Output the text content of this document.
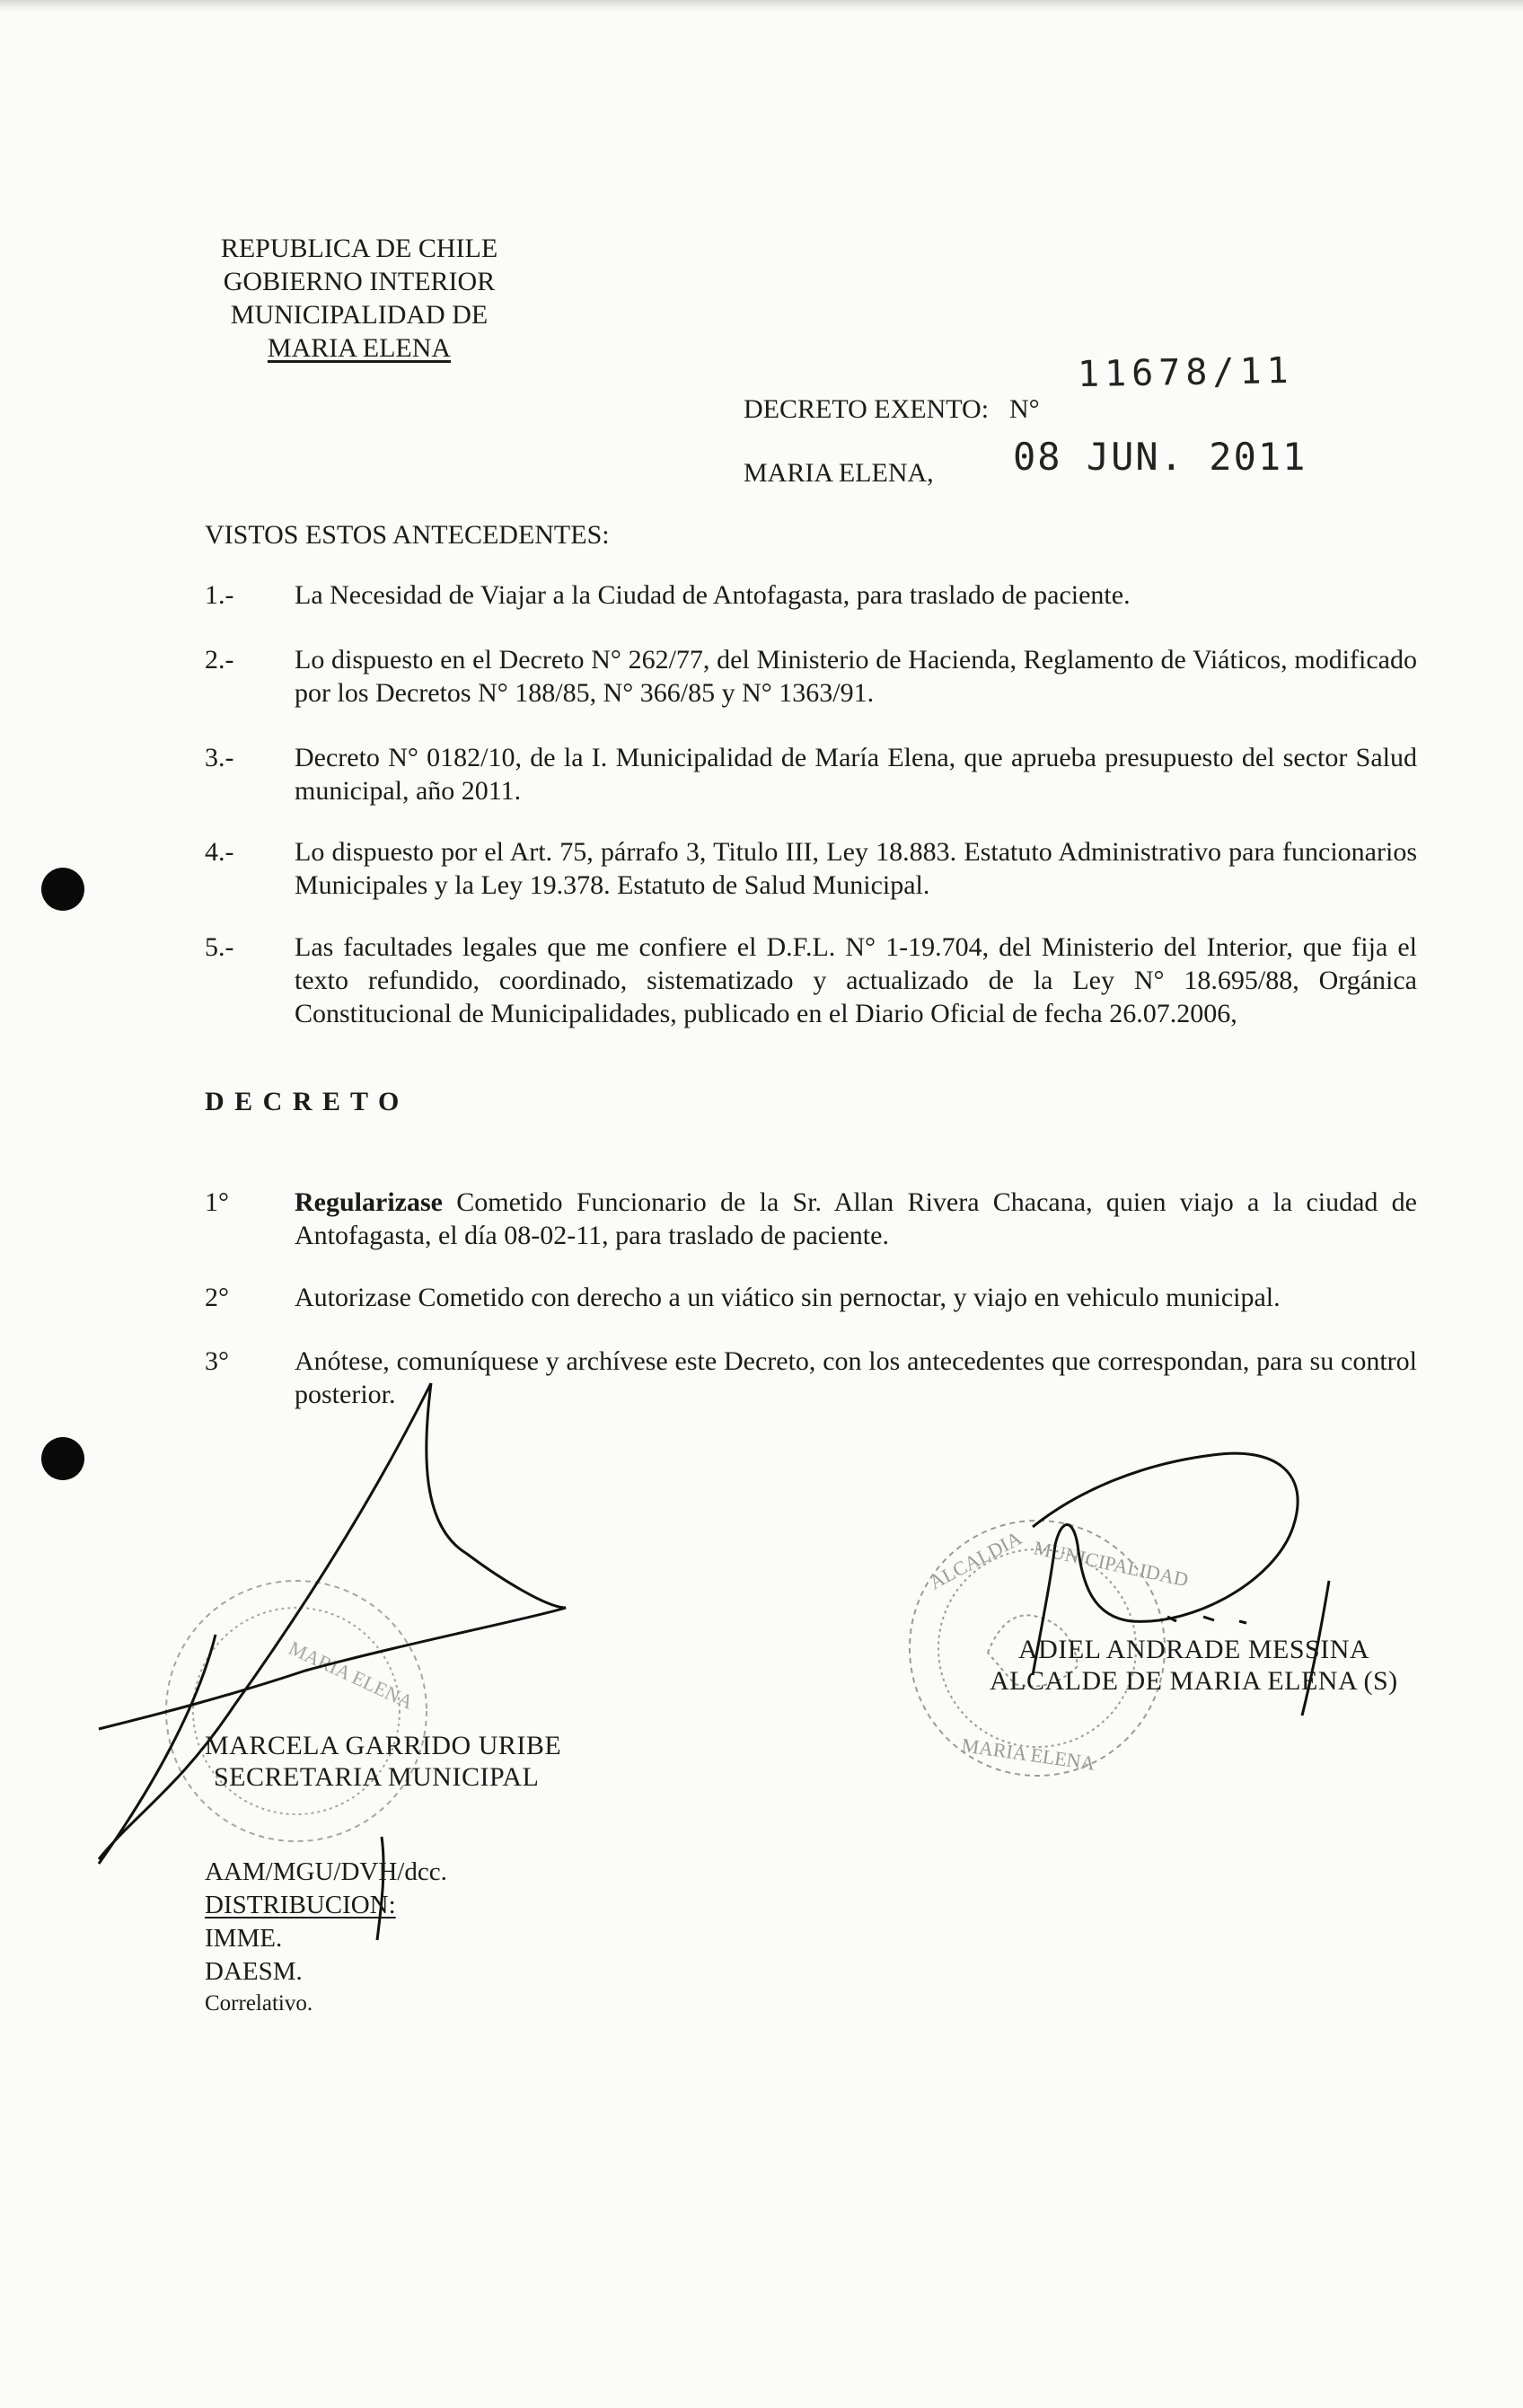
REPUBLICA DE CHILE
GOBIERNO INTERIOR
MUNICIPALIDAD DE
MARIA ELENA
DECRETO EXENTO: N°
11678/11
MARIA ELENA, 08 JUN. 2011
VISTOS ESTOS ANTECEDENTES:
1.- La Necesidad de Viajar a la Ciudad de Antofagasta, para traslado de paciente.
2.- Lo dispuesto en el Decreto N° 262/77, del Ministerio de Hacienda, Reglamento de Viáticos, modificado por los Decretos N° 188/85, N° 366/85 y N° 1363/91.
3.- Decreto N° 0182/10, de la I. Municipalidad de María Elena, que aprueba presupuesto del sector Salud municipal, año 2011.
4.- Lo dispuesto por el Art. 75, párrafo 3, Titulo III, Ley 18.883. Estatuto Administrativo para funcionarios Municipales y la Ley 19.378. Estatuto de Salud Municipal.
5.- Las facultades legales que me confiere el D.F.L. N° 1-19.704, del Ministerio del Interior, que fija el texto refundido, coordinado, sistematizado y actualizado de la Ley N° 18.695/88, Orgánica Constitucional de Municipalidades, publicado en el Diario Oficial de fecha 26.07.2006,
D E C R E T O
1° Regularizase Cometido Funcionario de la Sr. Allan Rivera Chacana, quien viajo a la ciudad de Antofagasta, el día 08-02-11, para traslado de paciente.
2° Autorizase Cometido con derecho a un viático sin pernoctar, y viajo en vehiculo municipal.
3° Anótese, comuníquese y archívese este Decreto, con los antecedentes que correspondan, para su control posterior.
ALCALDIA MUNICIPALIDAD
MARIA ELENA
MARIA ELENA	ADIEL ANDRADE MESSINA
ALCALDE DE MARIA ELENA (S)
MARCELA GARRIDO URIBE
SECRETARIA MUNICIPAL
AAM/MGU/DVH/dcc.
DISTRIBUCION:
IMME.
DAESM.
Correlativo.
